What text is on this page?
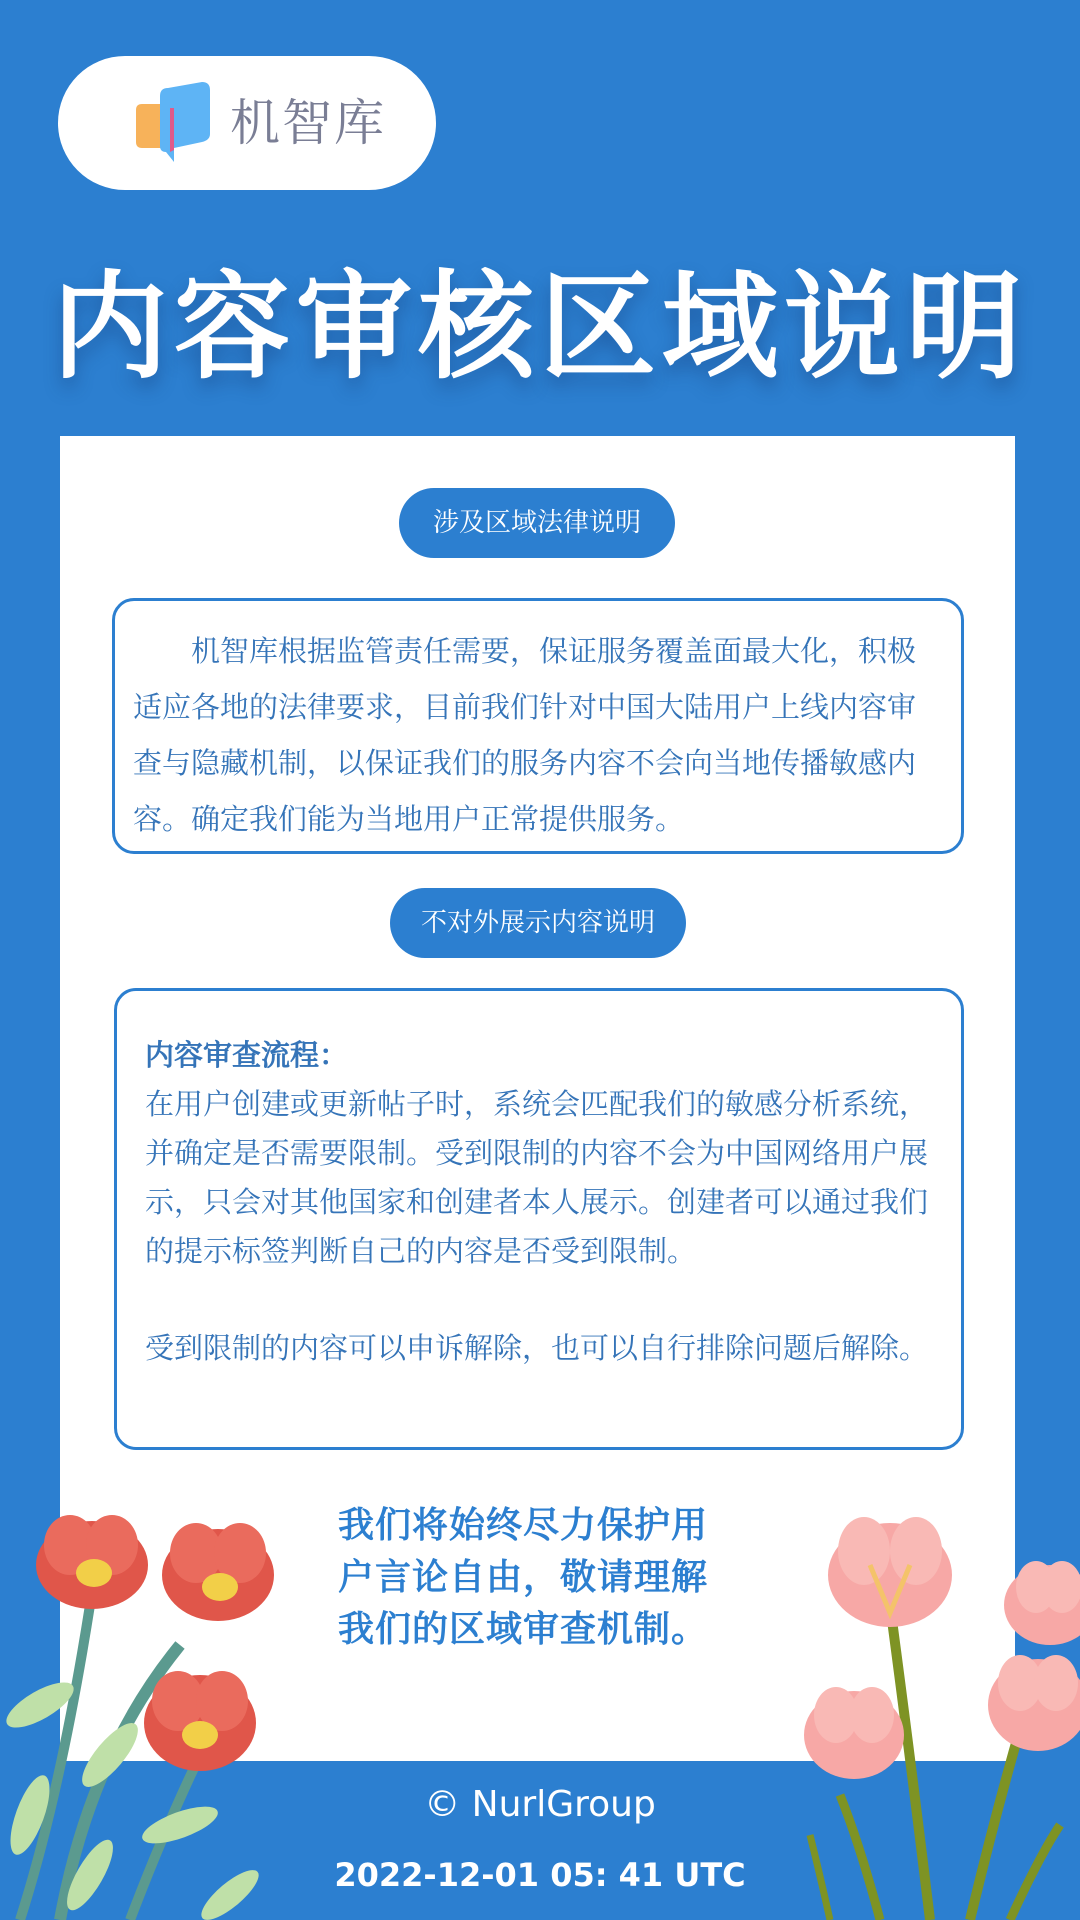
机智库
内容审核区域说明
涉及区域法律说明

机智库根据监管责任需要，保证服务覆盖面最大化，积极适应各地的法律要求，目前我们针对中国大陆用户上线内容审查与隐藏机制，以保证我们的服务内容不会向当地传播敏感内容。确定我们能为当地用户正常提供服务。

不对外展示内容说明
内容审查流程：

在用户创建或更新帖子时，系统会匹配我们的敏感分析系统，并确定是否需要限制。受到限制的内容不会为中国网络用户展示，只会对其他国家和创建者本人展示。创建者可以通过我们的提示标签判断自己的内容是否受到限制。

受到限制的内容可以申诉解除，也可以自行排除问题后解除。

我们将始终尽力保护用户言论自由，敬请理解我们的区域审查机制。
© NurlGroup
2022-12-01 05: 41 UTC
